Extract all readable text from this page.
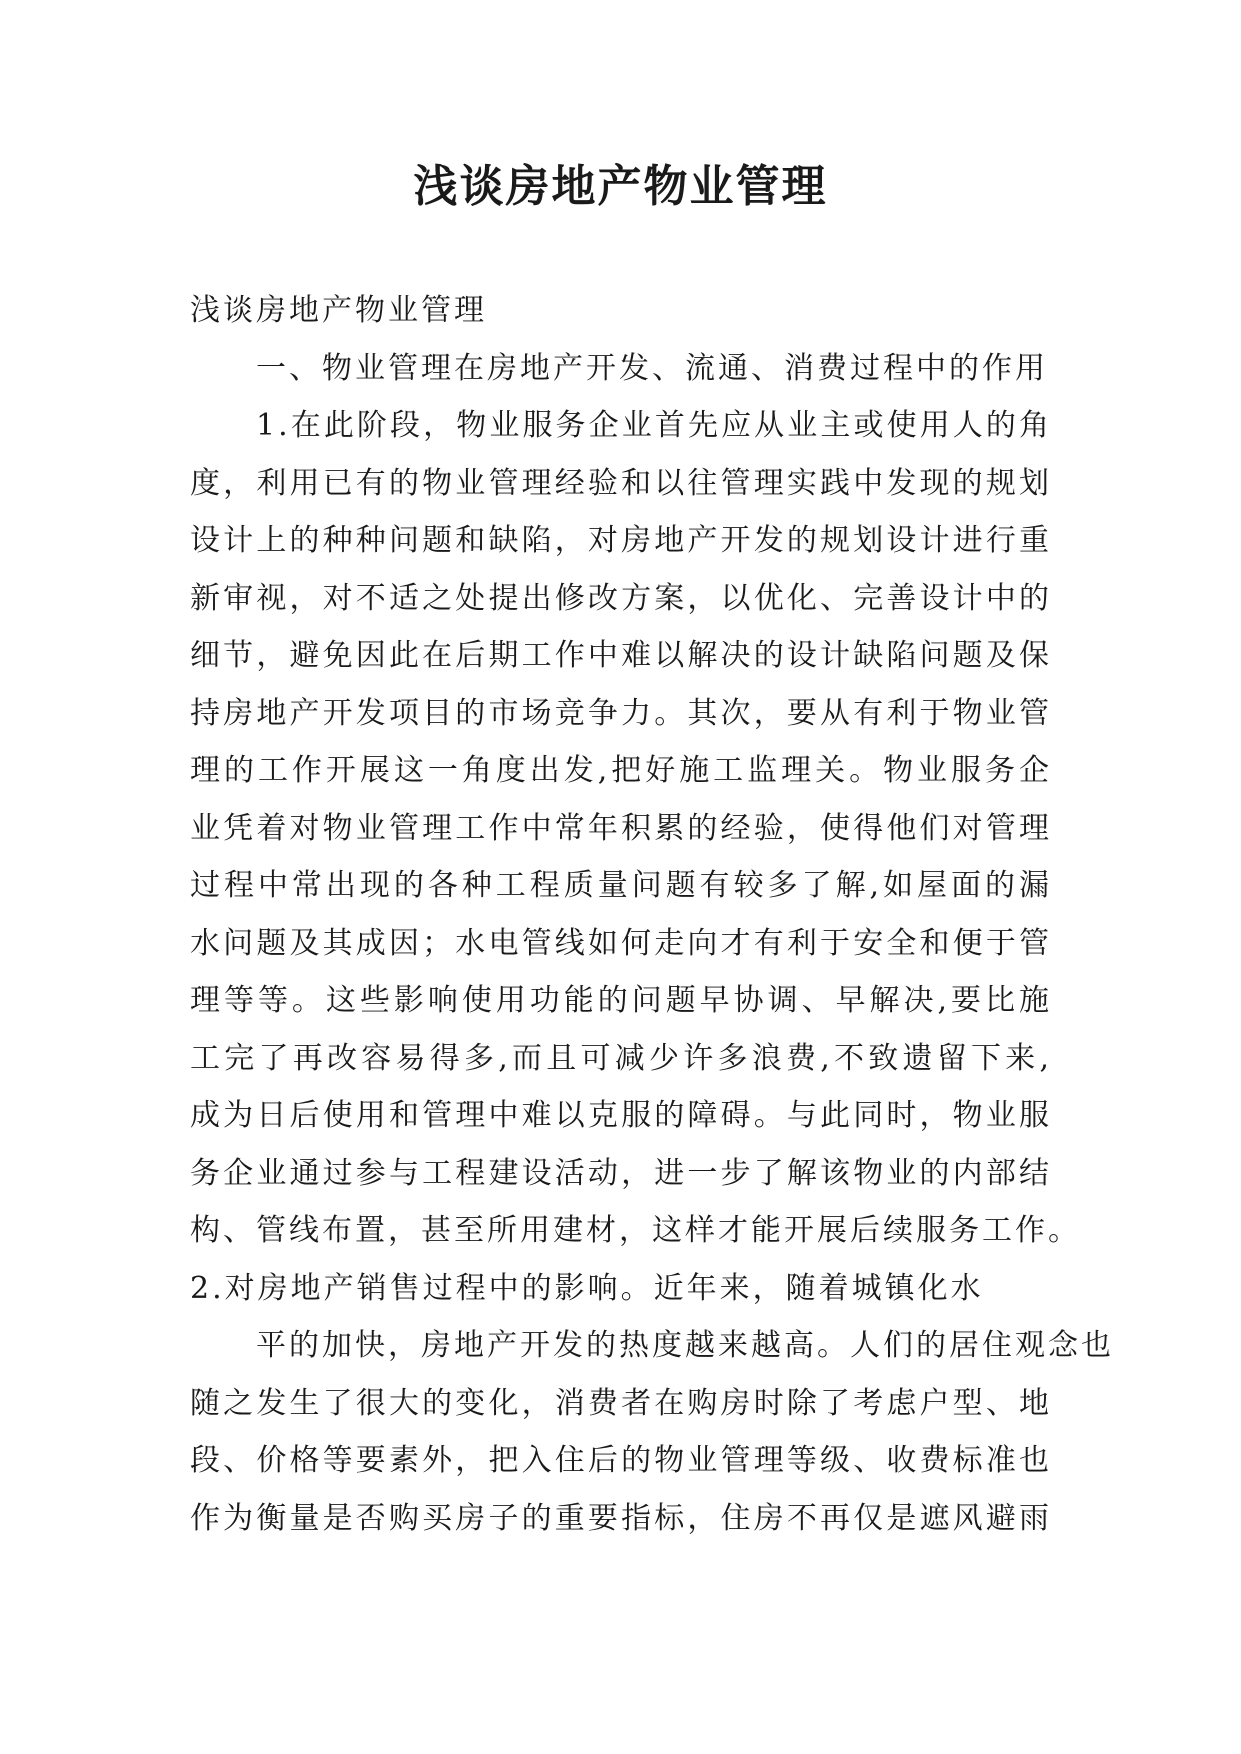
浅谈房地产物业管理
浅谈房地产物业管理
一、物业管理在房地产开发、流通、消费过程中的作用
1.在此阶段，物业服务企业首先应从业主或使用人的角
度，利用已有的物业管理经验和以往管理实践中发现的规划
设计上的种种问题和缺陷，对房地产开发的规划设计进行重
新审视，对不适之处提出修改方案，以优化、完善设计中的
细节，避免因此在后期工作中难以解决的设计缺陷问题及保
持房地产开发项目的市场竞争力。其次，要从有利于物业管
理的工作开展这一角度出发,把好施工监理关。物业服务企
业凭着对物业管理工作中常年积累的经验，使得他们对管理
过程中常出现的各种工程质量问题有较多了解,如屋面的漏
水问题及其成因；水电管线如何走向才有利于安全和便于管
理等等。这些影响使用功能的问题早协调、早解决,要比施
工完了再改容易得多,而且可减少许多浪费,不致遗留下来,
成为日后使用和管理中难以克服的障碍。与此同时，物业服
务企业通过参与工程建设活动，进一步了解该物业的内部结
构、管线布置，甚至所用建材，这样才能开展后续服务工作。
2.对房地产销售过程中的影响。近年来，随着城镇化水
平的加快，房地产开发的热度越来越高。人们的居住观念也
随之发生了很大的变化，消费者在购房时除了考虑户型、地
段、价格等要素外，把入住后的物业管理等级、收费标准也
作为衡量是否购买房子的重要指标，住房不再仅是遮风避雨
